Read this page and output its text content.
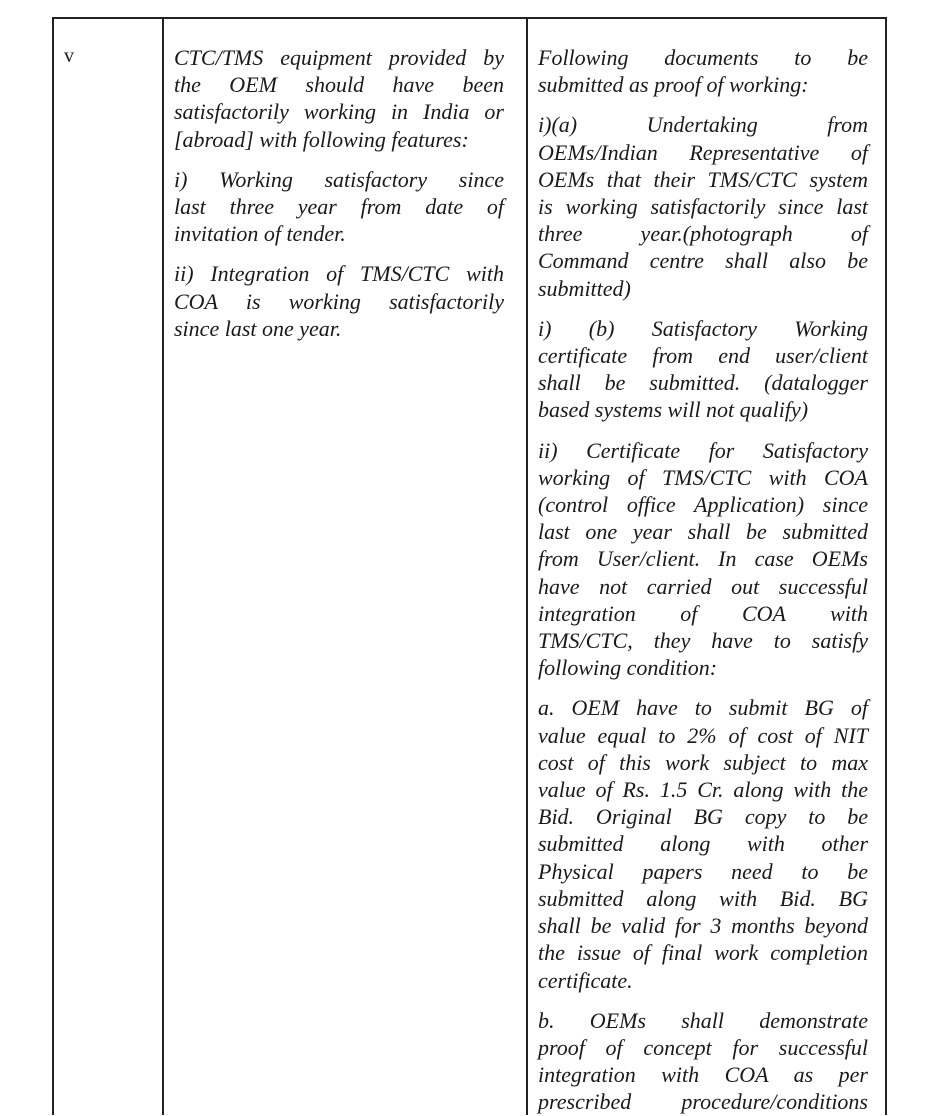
v	CTC/TMS equipment provided by
the OEM should have been
satisfactorily working in India or
[abroad] with following features:

i) Working satisfactory since
last three year from date of
invitation of tender.

ii) Integration of TMS/CTC with
COA is working satisfactorily
since last one year.

Following documents to be
submitted as proof of working:

i)(a) Undertaking from
OEMs/Indian Representative of
OEMs that their TMS/CTC system
is working satisfactorily since last
three year.(photograph of
Command centre shall also be
submitted)

i) (b) Satisfactory Working
certificate from end user/client
shall be submitted. (datalogger
based systems will not qualify)

ii) Certificate for Satisfactory
working of TMS/CTC with COA
(control office Application) since
last one year shall be submitted
from User/client. In case OEMs
have not carried out successful
integration of COA with
TMS/CTC, they have to satisfy
following condition:

a. OEM have to submit BG of
value equal to 2% of cost of NIT
cost of this work subject to max
value of Rs. 1.5 Cr. along with the
Bid. Original BG copy to be
submitted along with other
Physical papers need to be
submitted along with Bid. BG
shall be valid for 3 months beyond
the issue of final work completion
certificate.

b. OEMs shall demonstrate
proof of concept for successful
integration with COA as per
prescribed procedure/conditions
